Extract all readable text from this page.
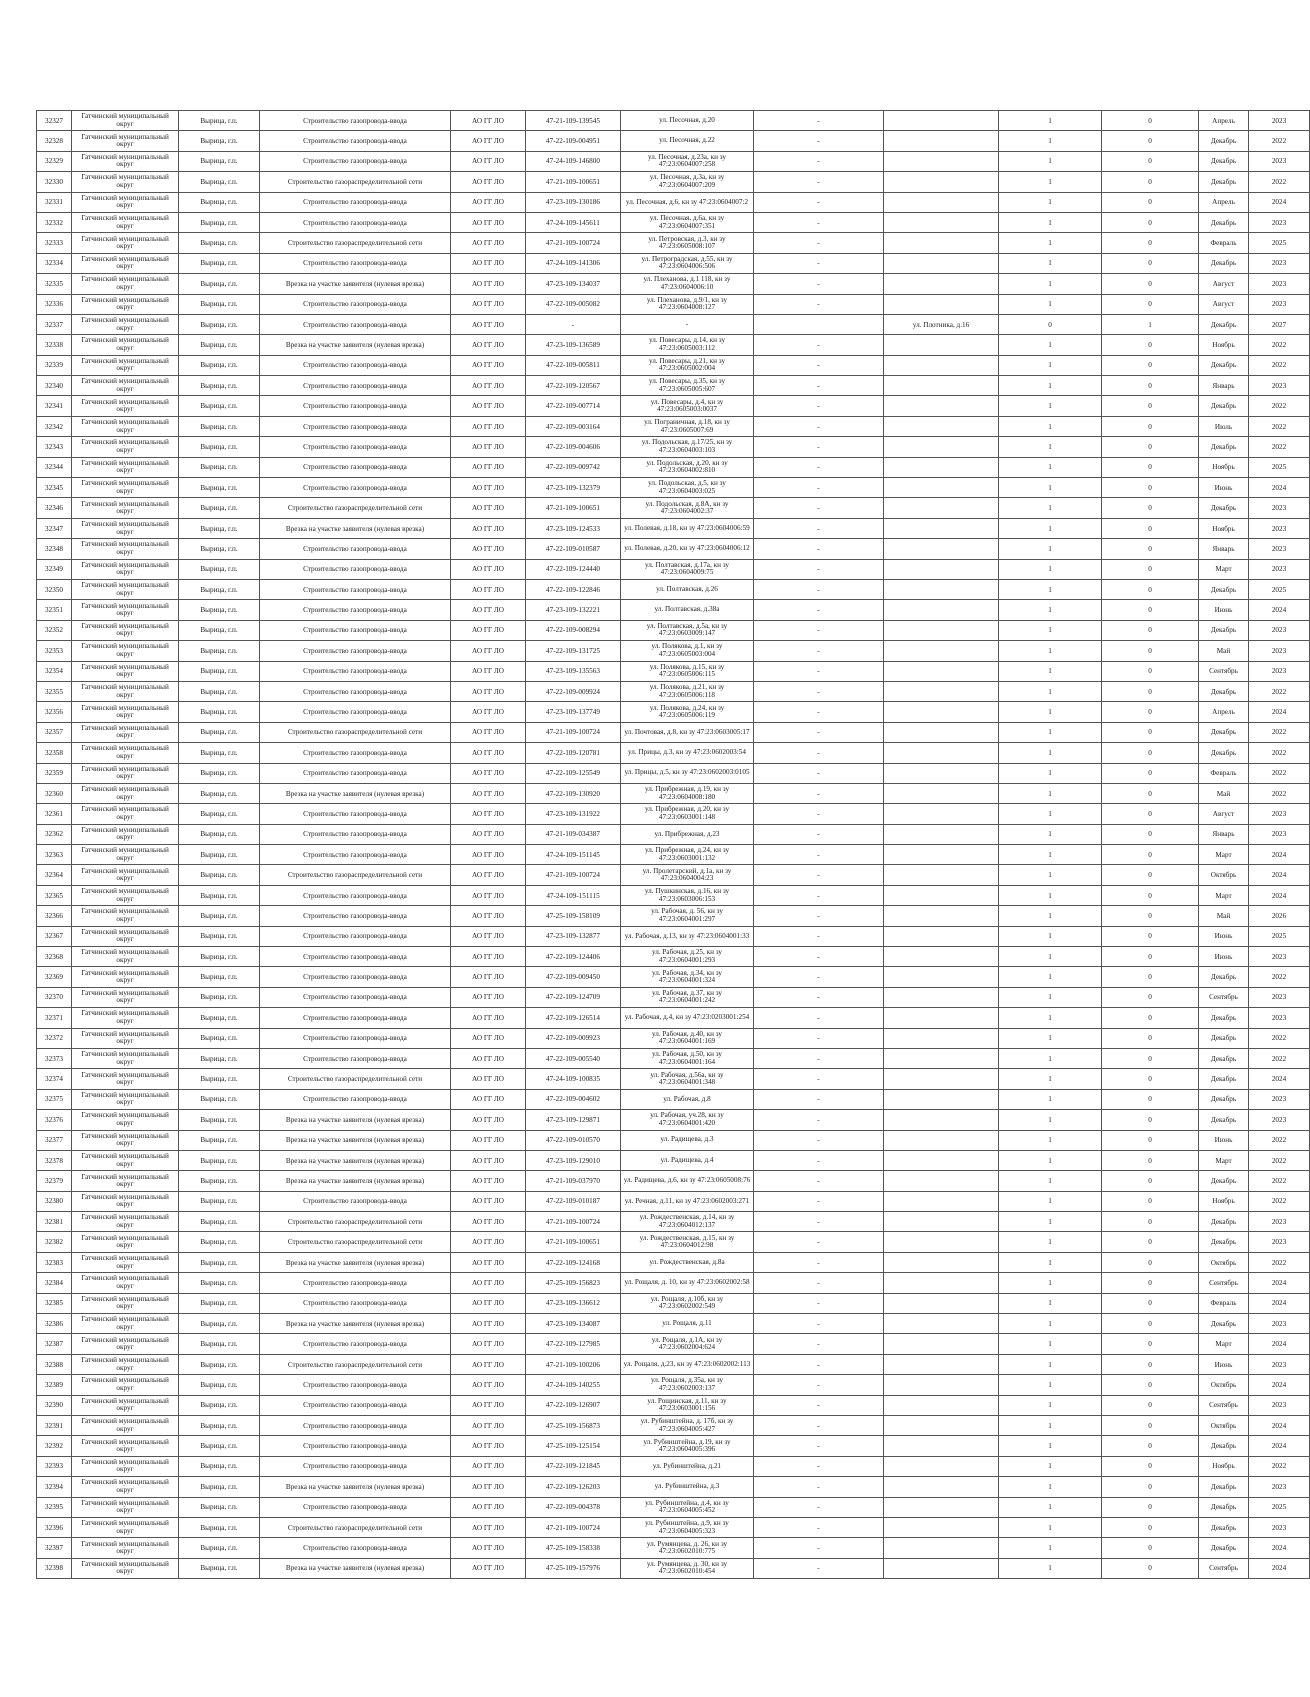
32327	Гатчинский муниципальный округ	Вырица, г.п.	Строительство газопровода-ввода	АО ГГ ЛО	47-21-109-139545	ул. Песочная, д.20	-		1	0	Апрель	2023
32328	Гатчинский муниципальный округ	Вырица, г.п.	Строительство газопровода-ввода	АО ГГ ЛО	47-22-109-004951	ул. Песочная, д.22	-		1	0	Декабрь	2022
32329	Гатчинский муниципальный округ	Вырица, г.п.	Строительство газопровода-ввода	АО ГГ ЛО	47-24-109-146800	ул. Песочная, д.23а, кн зу 47:23:0604007:258	-		1	0	Декабрь	2023
32330	Гатчинский муниципальный округ	Вырица, г.п.	Строительство газораспределительной сети	АО ГГ ЛО	47-21-109-100651	ул. Песочная, д.3а, кн зу 47:23:0604007:209	-		1	0	Декабрь	2022
32331	Гатчинский муниципальный округ	Вырица, г.п.	Строительство газопровода-ввода	АО ГГ ЛО	47-23-109-130186	ул. Песочная, д.6, кн зу 47:23:0604007:2	-		1	0	Апрель	2024
32332	Гатчинский муниципальный округ	Вырица, г.п.	Строительство газопровода-ввода	АО ГГ ЛО	47-24-109-145611	ул. Песочная, д.6а, кн зу 47:23:0604007:351	-		1	0	Декабрь	2023
32333	Гатчинский муниципальный округ	Вырица, г.п.	Строительство газораспределительной сети	АО ГГ ЛО	47-21-109-100724	ул. Петровская, д.3, кн зу 47:23:0605008:107	-		1	0	Февраль	2025
32334	Гатчинский муниципальный округ	Вырица, г.п.	Строительство газопровода-ввода	АО ГГ ЛО	47-24-109-141306	ул. Петроградская, д.55, кн зу 47:23:0604006:506	-		1	0	Декабрь	2023
32335	Гатчинский муниципальный округ	Вырица, г.п.	Врезка на участке заявителя (нулевая врезка)	АО ГГ ЛО	47-23-109-134037	ул. Плеханова, д.1 118, кн зу 47:23:0604006:10	-		1	0	Август	2023
32336	Гатчинский муниципальный округ	Вырица, г.п.	Строительство газопровода-ввода	АО ГГ ЛО	47-22-109-005082	ул. Плеханова, д.9/1, кн зу 47:23:0604008:127	-		1	0	Август	2023
32337	Гатчинский муниципальный округ	Вырица, г.п.	Строительство газопровода-ввода	АО ГГ ЛО	-	-		ул. Плотника, д.16	0	1	Декабрь	2027
32338	Гатчинский муниципальный округ	Вырица, г.п.	Врезка на участке заявителя (нулевая врезка)	АО ГГ ЛО	47-23-109-136589	ул. Повесары, д.14, кн зу 47:23:0605003:112	-		1	0	Ноябрь	2022
32339	Гатчинский муниципальный округ	Вырица, г.п.	Строительство газопровода-ввода	АО ГГ ЛО	47-22-109-005811	ул. Повесары, д.21, кн зу 47:23:0605002:004	-		1	0	Декабрь	2022
32340	Гатчинский муниципальный округ	Вырица, г.п.	Строительство газопровода-ввода	АО ГГ ЛО	47-22-109-120567	ул. Повесары, д.35, кн зу 47:23:0605005:607	-		1	0	Январь	2023
32341	Гатчинский муниципальный округ	Вырица, г.п.	Строительство газопровода-ввода	АО ГГ ЛО	47-22-109-007714	ул. Повесары, д.4, кн зу 47:23:0605003:0037	-		1	0	Декабрь	2022
32342	Гатчинский муниципальный округ	Вырица, г.п.	Строительство газопровода-ввода	АО ГГ ЛО	47-22-109-003164	ул. Пограничная, д.18, кн зу 47:23:0605007:69	-		1	0	Июль	2022
32343	Гатчинский муниципальный округ	Вырица, г.п.	Строительство газопровода-ввода	АО ГГ ЛО	47-22-109-004606	ул. Подольская, д.17/25, кн зу 47:23:0604003:103	-		1	0	Декабрь	2022
32344	Гатчинский муниципальный округ	Вырица, г.п.	Строительство газопровода-ввода	АО ГГ ЛО	47-22-109-009742	ул. Подольская, д.20, кн зу 47:23:0604002:810	-		1	0	Ноябрь	2025
32345	Гатчинский муниципальный округ	Вырица, г.п.	Строительство газопровода-ввода	АО ГГ ЛО	47-23-109-132379	ул. Подольская, д.5, кн зу 47:23:0604003:025	-		1	0	Июнь	2024
32346	Гатчинский муниципальный округ	Вырица, г.п.	Строительство газораспределительной сети	АО ГГ ЛО	47-21-109-100651	ул. Подольская, д.8А, кн зу 47:23:0604002:37	-		1	0	Декабрь	2023
32347	Гатчинский муниципальный округ	Вырица, г.п.	Врезка на участке заявителя (нулевая врезка)	АО ГГ ЛО	47-23-109-124533	ул. Полевая, д.18, кн зу 47:23:0604006:59	-		1	0	Ноябрь	2023
32348	Гатчинский муниципальный округ	Вырица, г.п.	Строительство газопровода-ввода	АО ГГ ЛО	47-22-109-010587	ул. Полевая, д.20, кн зу 47:23:0604006:12	-		1	0	Январь	2023
32349	Гатчинский муниципальный округ	Вырица, г.п.	Строительство газопровода-ввода	АО ГГ ЛО	47-22-109-124440	ул. Полтавская, д.17а, кн зу 47:23:0604009:75	-		1	0	Март	2023
32350	Гатчинский муниципальный округ	Вырица, г.п.	Строительство газопровода-ввода	АО ГГ ЛО	47-22-109-122846	ул. Полтавская, д.26	-		1	0	Декабрь	2025
32351	Гатчинский муниципальный округ	Вырица, г.п.	Строительство газопровода-ввода	АО ГГ ЛО	47-23-109-132221	ул. Полтавская, д.38а	-		1	0	Июнь	2024
32352	Гатчинский муниципальный округ	Вырица, г.п.	Строительство газопровода-ввода	АО ГГ ЛО	47-22-109-008294	ул. Полтавская, д.5а, кн зу 47:23:0603009:147	-		1	0	Декабрь	2023
32353	Гатчинский муниципальный округ	Вырица, г.п.	Строительство газопровода-ввода	АО ГГ ЛО	47-22-109-131725	ул. Полякова, д.1, кн зу 47:23:0605003:004	-		1	0	Май	2023
32354	Гатчинский муниципальный округ	Вырица, г.п.	Строительство газопровода-ввода	АО ГГ ЛО	47-23-109-135563	ул. Полякова, д.15, кн зу 47:23:0605006:115	-		1	0	Сентябрь	2023
32355	Гатчинский муниципальный округ	Вырица, г.п.	Строительство газопровода-ввода	АО ГГ ЛО	47-22-109-009924	ул. Полякова, д.21, кн зу 47:23:0605006:118	-		1	0	Декабрь	2022
32356	Гатчинский муниципальный округ	Вырица, г.п.	Строительство газопровода-ввода	АО ГГ ЛО	47-23-109-137749	ул. Полякова, д.24, кн зу 47:23:0605006:119	-		1	0	Апрель	2024
32357	Гатчинский муниципальный округ	Вырица, г.п.	Строительство газораспределительной сети	АО ГГ ЛО	47-21-109-100724	ул. Почтовая, д.8, кн зу 47:23:0603005:17	-		1	0	Декабрь	2022
32358	Гатчинский муниципальный округ	Вырица, г.п.	Строительство газопровода-ввода	АО ГГ ЛО	47-22-109-120781	ул. Прицы, д.3, кн зу 47:23:0602003:54	-		1	0	Декабрь	2022
32359	Гатчинский муниципальный округ	Вырица, г.п.	Строительство газопровода-ввода	АО ГГ ЛО	47-22-109-125549	ул. Прицы, д.5, кн зу 47:23:0602003:0105	-		1	0	Февраль	2022
32360	Гатчинский муниципальный округ	Вырица, г.п.	Врезка на участке заявителя (нулевая врезка)	АО ГГ ЛО	47-22-109-130920	ул. Прибрежная, д.19, кн зу 47:23:0604008:180	-		1	0	Май	2022
32361	Гатчинский муниципальный округ	Вырица, г.п.	Строительство газопровода-ввода	АО ГГ ЛО	47-23-109-131922	ул. Прибрежная, д.20, кн зу 47:23:0603001:148	-		1	0	Август	2023
32362	Гатчинский муниципальный округ	Вырица, г.п.	Строительство газопровода-ввода	АО ГГ ЛО	47-21-109-034387	ул. Прибрежная, д.23	-		1	0	Январь	2023
32363	Гатчинский муниципальный округ	Вырица, г.п.	Строительство газопровода-ввода	АО ГГ ЛО	47-24-109-151145	ул. Прибрежная, д.24, кн зу 47:23:0603001:132	-		1	0	Март	2024
32364	Гатчинский муниципальный округ	Вырица, г.п.	Строительство газораспределительной сети	АО ГГ ЛО	47-21-109-100724	ул. Пролетарский, д.1а, кн зу 47:23:0604004:23	-		1	0	Октябрь	2024
32365	Гатчинский муниципальный округ	Вырица, г.п.	Строительство газопровода-ввода	АО ГГ ЛО	47-24-109-151115	ул. Пушкинская, д.16, кн зу 47:23:0603006:153	-		1	0	Март	2024
32366	Гатчинский муниципальный округ	Вырица, г.п.	Строительство газопровода-ввода	АО ГГ ЛО	47-25-109-158109	ул. Рабочая, д. 56, кн зу 47:23:0604001:297	-		1	0	Май	2026
32367	Гатчинский муниципальный округ	Вырица, г.п.	Строительство газопровода-ввода	АО ГГ ЛО	47-23-109-132877	ул. Рабочая, д.13, кн зу 47:23:0604001:33	-		1	0	Июнь	2025
32368	Гатчинский муниципальный округ	Вырица, г.п.	Строительство газопровода-ввода	АО ГГ ЛО	47-22-109-124406	ул. Рабочая, д.25, кн зу 47:23:0604001:293	-		1	0	Июнь	2023
32369	Гатчинский муниципальный округ	Вырица, г.п.	Строительство газопровода-ввода	АО ГГ ЛО	47-22-109-009450	ул. Рабочая, д.34, кн зу 47:23:0604001:324	-		1	0	Декабрь	2022
32370	Гатчинский муниципальный округ	Вырица, г.п.	Строительство газопровода-ввода	АО ГГ ЛО	47-22-109-124709	ул. Рабочая, д.37, кн зу 47:23:0604001:242	-		1	0	Сентябрь	2023
32371	Гатчинский муниципальный округ	Вырица, г.п.	Строительство газопровода-ввода	АО ГГ ЛО	47-22-109-126514	ул. Рабочая, д.4, кн зу 47:23:0203001:254	-		1	0	Декабрь	2023
32372	Гатчинский муниципальный округ	Вырица, г.п.	Строительство газопровода-ввода	АО ГГ ЛО	47-22-109-009923	ул. Рабочая, д.40, кн зу 47:23:0604001:169	-		1	0	Декабрь	2022
32373	Гатчинский муниципальный округ	Вырица, г.п.	Строительство газопровода-ввода	АО ГГ ЛО	47-22-109-005540	ул. Рабочая, д.50, кн зу 47:23:0604001:164	-		1	0	Декабрь	2022
32374	Гатчинский муниципальный округ	Вырица, г.п.	Строительство газораспределительной сети	АО ГГ ЛО	47-24-109-100835	ул. Рабочая, д.56а, кн зу 47:23:0604001:348	-		1	0	Декабрь	2024
32375	Гатчинский муниципальный округ	Вырица, г.п.	Строительство газопровода-ввода	АО ГГ ЛО	47-22-109-004602	ул. Рабочая, д.8	-		1	0	Декабрь	2023
32376	Гатчинский муниципальный округ	Вырица, г.п.	Врезка на участке заявителя (нулевая врезка)	АО ГГ ЛО	47-23-109-129871	ул. Рабочая, уч.28, кн зу 47:23:0604001:420	-		1	0	Декабрь	2023
32377	Гатчинский муниципальный округ	Вырица, г.п.	Врезка на участке заявителя (нулевая врезка)	АО ГГ ЛО	47-22-109-010570	ул. Радищева, д.3	-		1	0	Июнь	2022
32378	Гатчинский муниципальный округ	Вырица, г.п.	Врезка на участке заявителя (нулевая врезка)	АО ГГ ЛО	47-23-109-129010	ул. Радищева, д.4	-		1	0	Март	2022
32379	Гатчинский муниципальный округ	Вырица, г.п.	Врезка на участке заявителя (нулевая врезка)	АО ГГ ЛО	47-21-109-037970	ул. Радищева, д.6, кн зу 47:23:0605008:76	-		1	0	Декабрь	2022
32380	Гатчинский муниципальный округ	Вырица, г.п.	Строительство газопровода-ввода	АО ГГ ЛО	47-22-109-010187	ул. Речная, д.11, кн зу 47:23:0602003:271	-		1	0	Ноябрь	2022
32381	Гатчинский муниципальный округ	Вырица, г.п.	Строительство газораспределительной сети	АО ГГ ЛО	47-21-109-100724	ул. Рождественская, д.14, кн зу 47:23:0604012:137	-		1	0	Декабрь	2023
32382	Гатчинский муниципальный округ	Вырица, г.п.	Строительство газораспределительной сети	АО ГГ ЛО	47-21-109-100651	ул. Рождественская, д.15, кн зу 47:23:0604012:98	-		1	0	Декабрь	2023
32383	Гатчинский муниципальный округ	Вырица, г.п.	Врезка на участке заявителя (нулевая врезка)	АО ГГ ЛО	47-22-109-124168	ул. Рождественская, д.8а	-		1	0	Октябрь	2022
32384	Гатчинский муниципальный округ	Вырица, г.п.	Строительство газопровода-ввода	АО ГГ ЛО	47-25-109-156823	ул. Рощаля, д. 10, кн зу 47:23:0602002:58	-		1	0	Сентябрь	2024
32385	Гатчинский муниципальный округ	Вырица, г.п.	Строительство газопровода-ввода	АО ГГ ЛО	47-23-109-136612	ул. Рощаля, д.10б, кн зу 47:23:0602002:549	-		1	0	Февраль	2024
32386	Гатчинский муниципальный округ	Вырица, г.п.	Врезка на участке заявителя (нулевая врезка)	АО ГГ ЛО	47-23-109-134087	ул. Рощаля, д.11	-		1	0	Декабрь	2023
32387	Гатчинский муниципальный округ	Вырица, г.п.	Строительство газопровода-ввода	АО ГГ ЛО	47-22-109-127985	ул. Рощаля, д.1А, кн зу 47:23:0602004:624	-		1	0	Март	2024
32388	Гатчинский муниципальный округ	Вырица, г.п.	Строительство газораспределительной сети	АО ГГ ЛО	47-21-109-100206	ул. Рощаля, д.23, кн зу 47:23:0602002:113	-		1	0	Июнь	2023
32389	Гатчинский муниципальный округ	Вырица, г.п.	Строительство газопровода-ввода	АО ГГ ЛО	47-24-109-140255	ул. Рощаля, д.35а, кн зу 47:23:0602003:137	-		1	0	Октябрь	2024
32390	Гатчинский муниципальный округ	Вырица, г.п.	Строительство газопровода-ввода	АО ГГ ЛО	47-22-109-126907	ул. Рощинская, д.11, кн зу 47:23:0603001:156	-		1	0	Сентябрь	2023
32391	Гатчинский муниципальный округ	Вырица, г.п.	Строительство газопровода-ввода	АО ГГ ЛО	47-25-109-156873	ул. Рубинштейна, д. 17б, кн зу 47:23:0604005:427	-		1	0	Октябрь	2024
32392	Гатчинский муниципальный округ	Вырица, г.п.	Строительство газопровода-ввода	АО ГГ ЛО	47-25-109-125154	ул. Рубинштейна, д.19, кн зу 47:23:0604005:396	-		1	0	Декабрь	2024
32393	Гатчинский муниципальный округ	Вырица, г.п.	Строительство газопровода-ввода	АО ГГ ЛО	47-22-109-121845	ул. Рубинштейна, д.21	-		1	0	Ноябрь	2022
32394	Гатчинский муниципальный округ	Вырица, г.п.	Врезка на участке заявителя (нулевая врезка)	АО ГГ ЛО	47-22-109-126203	ул. Рубинштейна, д.3	-		1	0	Декабрь	2023
32395	Гатчинский муниципальный округ	Вырица, г.п.	Строительство газопровода-ввода	АО ГГ ЛО	47-22-109-004378	ул. Рубинштейна, д.4, кн зу 47:23:0604005:452	-		1	0	Декабрь	2025
32396	Гатчинский муниципальный округ	Вырица, г.п.	Строительство газораспределительной сети	АО ГГ ЛО	47-21-109-100724	ул. Рубинштейна, д.9, кн зу 47:23:0604005:323	-		1	0	Декабрь	2023
32397	Гатчинский муниципальный округ	Вырица, г.п.	Строительство газопровода-ввода	АО ГГ ЛО	47-25-109-158338	ул. Румянцева, д. 26, кн зу 47:23:0602010:775	-		1	0	Декабрь	2024
32398	Гатчинский муниципальный округ	Вырица, г.п.	Врезка на участке заявителя (нулевая врезка)	АО ГГ ЛО	47-25-109-157976	ул. Румянцева, д. 30, кн зу 47:23:0602010:454	-		1	0	Сентябрь	2024
